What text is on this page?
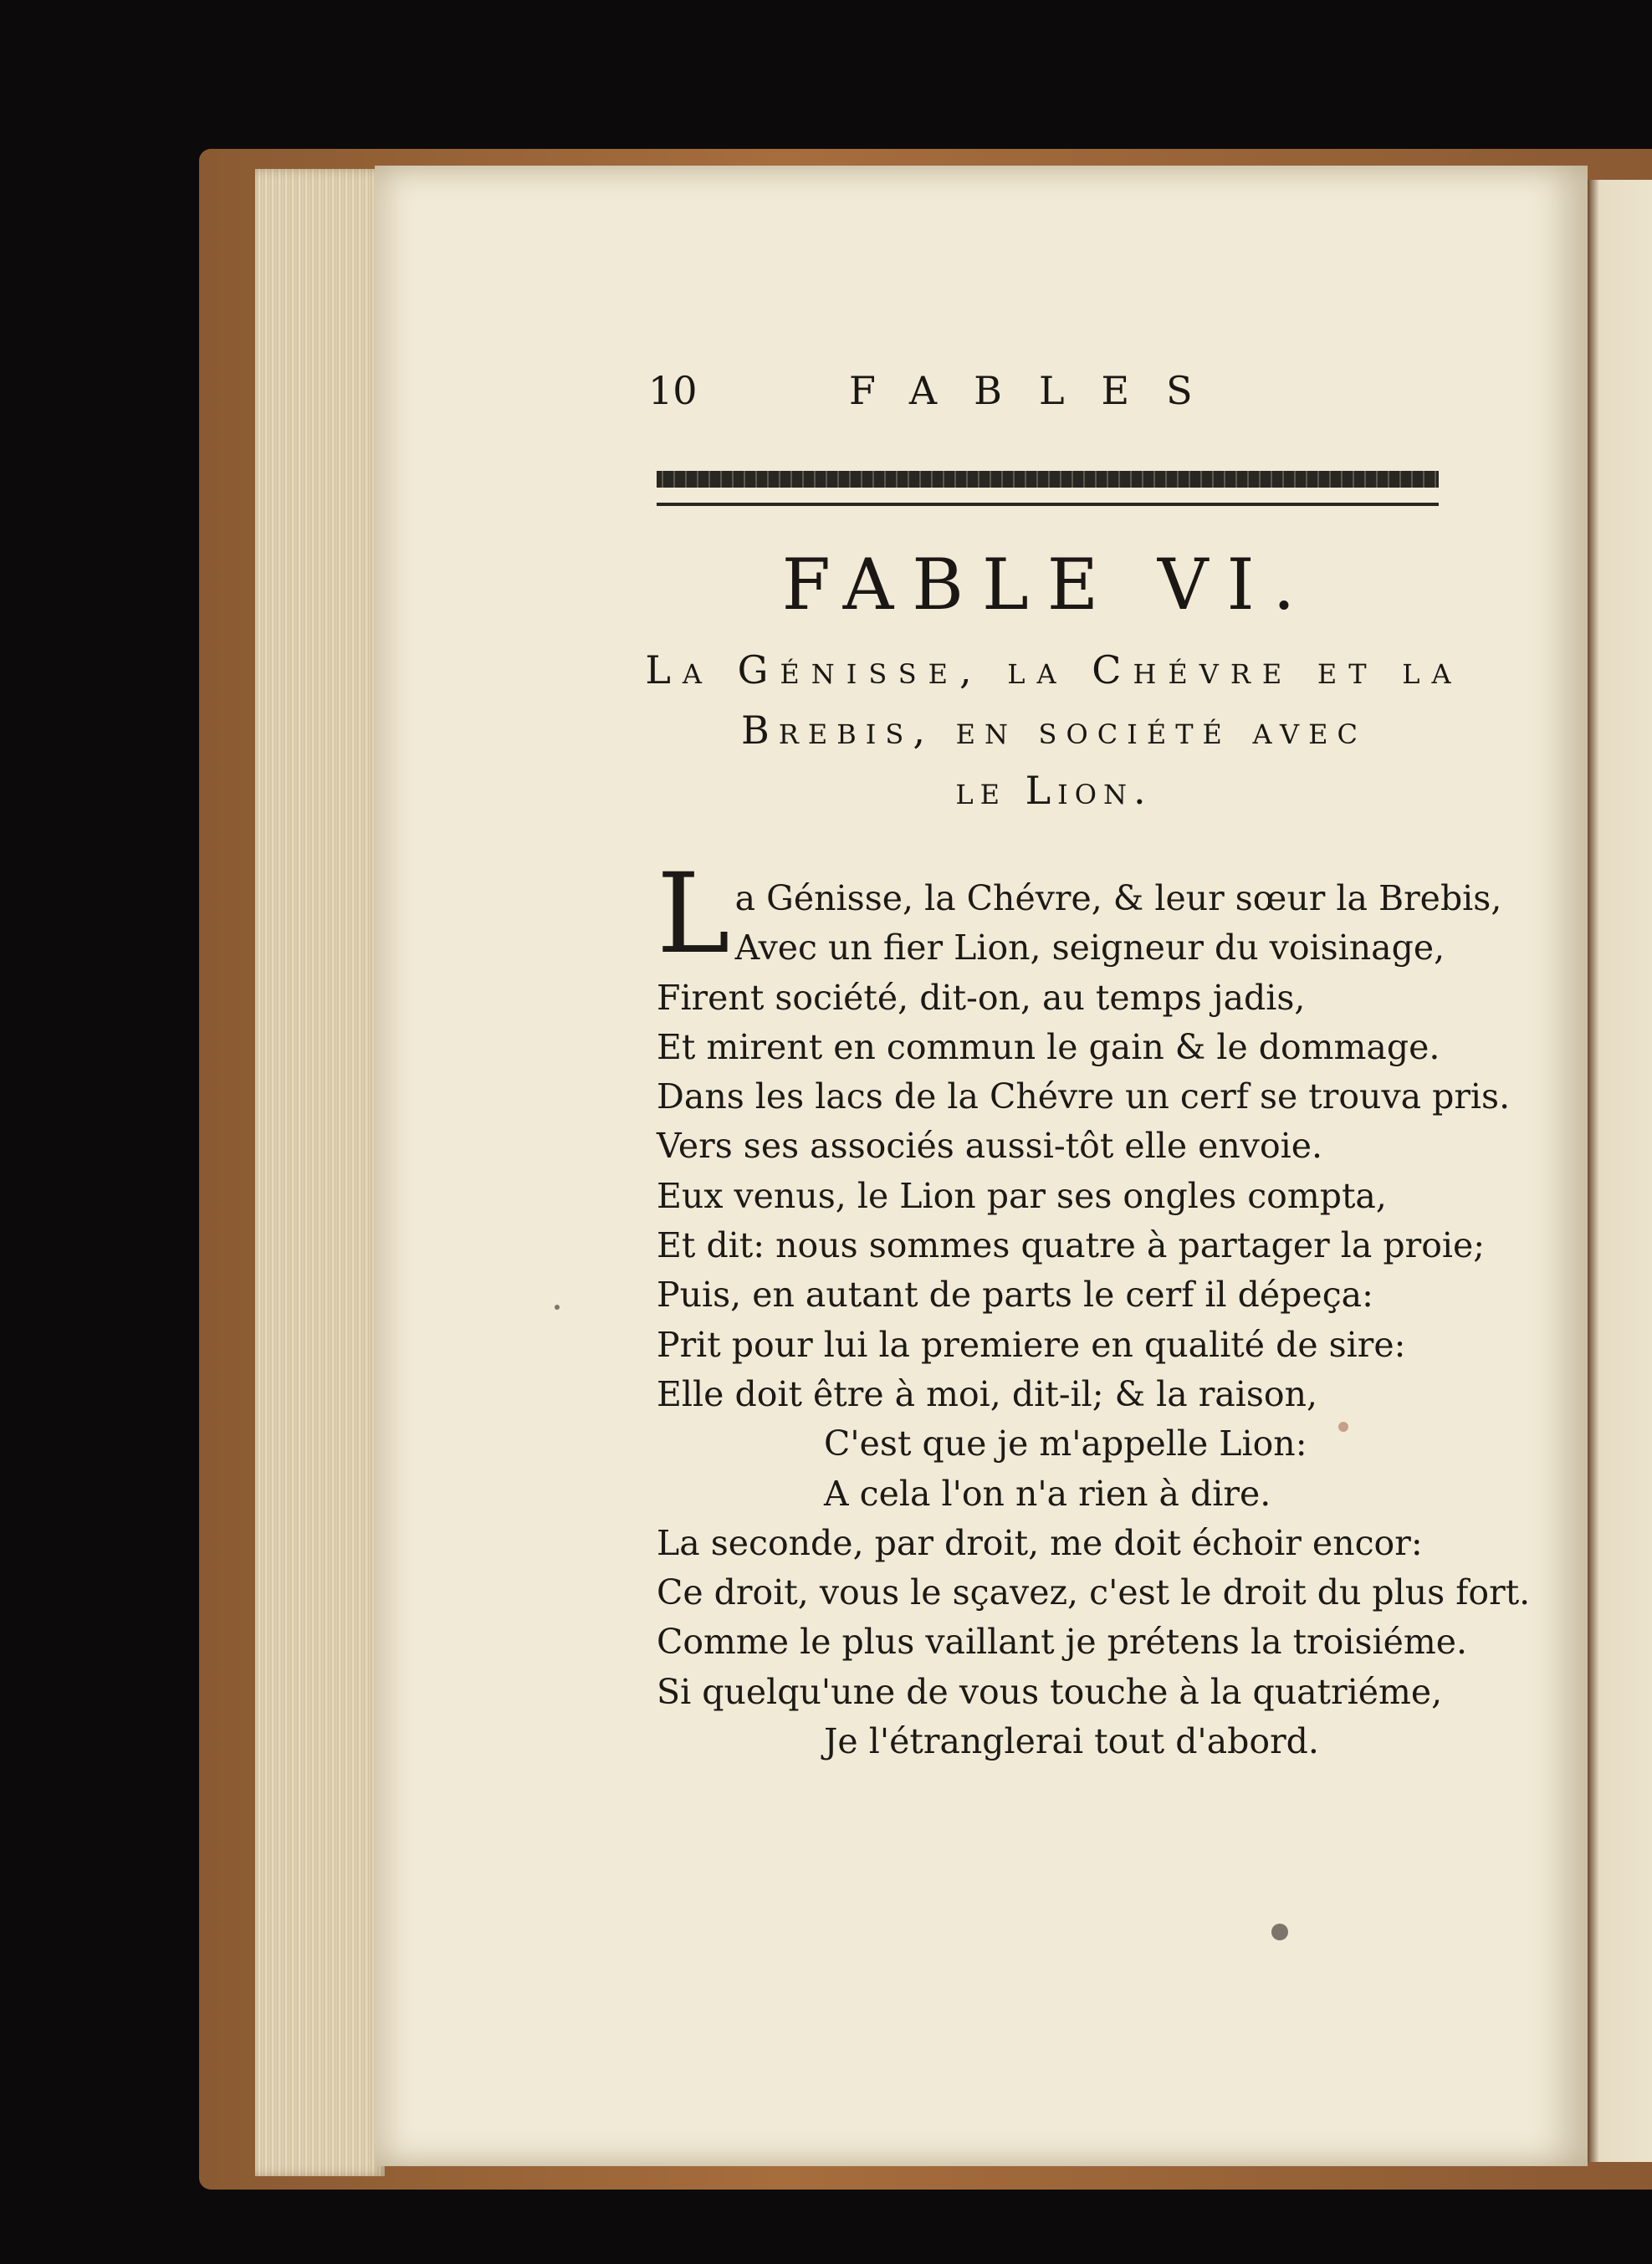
10	FABLES
FABLE VI.
La Génisse, la Chévre et la
Brebis, en société avec
le Lion.
L a Génisse, la Chévre, & leur sœur la Brebis,
Avec un fier Lion, seigneur du voisinage,
Firent société, dit-on, au temps jadis,
Et mirent en commun le gain & le dommage.
Dans les lacs de la Chévre un cerf se trouva pris.
Vers ses associés aussi-tôt elle envoie.
Eux venus, le Lion par ses ongles compta,
Et dit: nous sommes quatre à partager la proie;
Puis, en autant de parts le cerf il dépeça:
Prit pour lui la premiere en qualité de sire:
Elle doit être à moi, dit-il; & la raison,
C'est que je m'appelle Lion:
A cela l'on n'a rien à dire.
La seconde, par droit, me doit échoir encor:
Ce droit, vous le sçavez, c'est le droit du plus fort.
Comme le plus vaillant je prétens la troisiéme.
Si quelqu'une de vous touche à la quatriéme,
Je l'étranglerai tout d'abord.
